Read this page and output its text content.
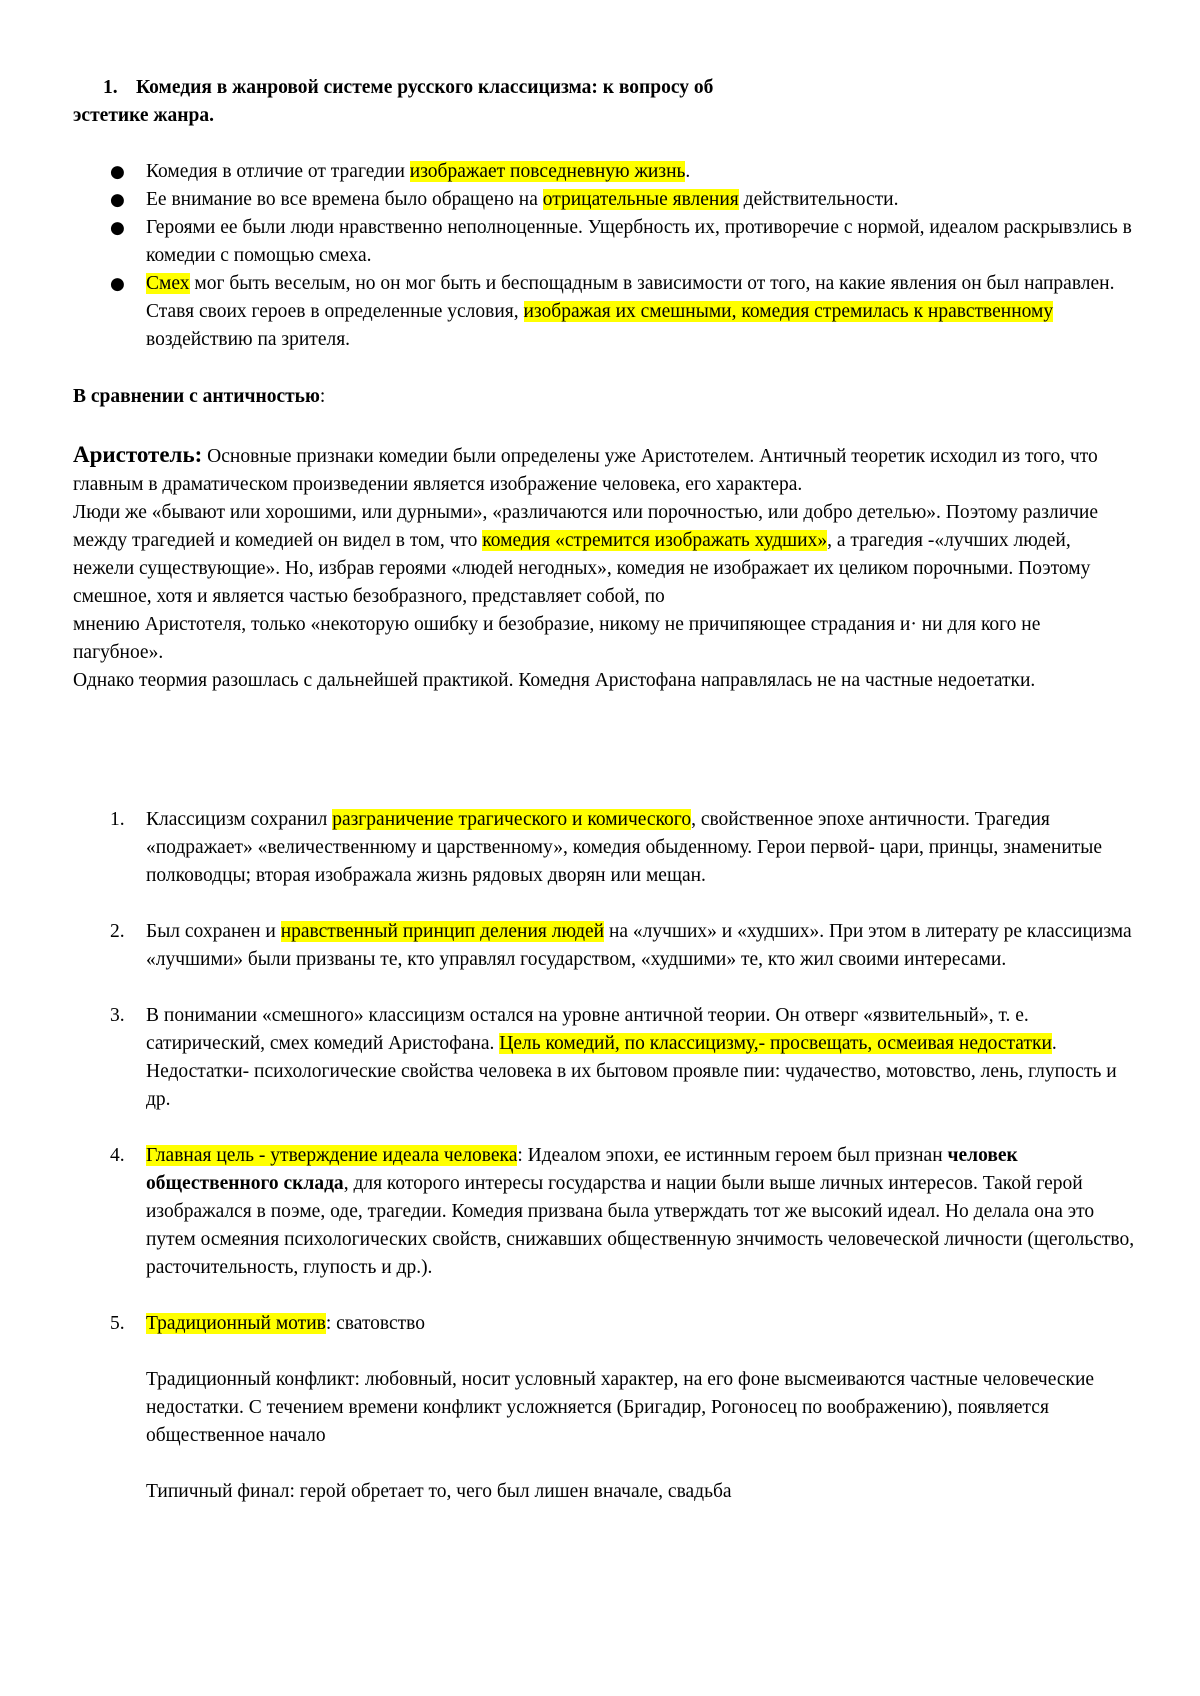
1. Комедия в жанровой системе русского классицизма: к вопросу об
эстетике жанра.
● Комедия в отличие от трагедии изображает повседневную жизнь.
● Ее внимание во все времена было обращено на отрицательные явления действительности.
● Героями ее были люди нравственно неполноценные. Ущербность их, противоречие с нормой, идеалом раскрывзлись в комедии с помощью смеха.
● Смех мог быть веселым, но он мог быть и беспощадным в зависимости от того, на какие явления он был направлен. Ставя своих героев в определенные условия, изображая их смешными, комедия стремилась к нравственному воздействию па зрителя.
В сравнении с античностью:
Аристотель: Основные признаки комедии были определены уже Аристотелем. Античный теоретик исходил из того, что главным в драматическом произведении является изображение человека, его характера.
Люди же «бывают или хорошими, или дурными», «различаются или порочностью, или добро детелью». Поэтому различие между трагедией и комедией он видел в том, что комедия «стремится изображать худших», а трагедия -«лучших людей, нежели существующие». Но, избрав героями «людей негодных», комедия не изображает их целиком порочными. Поэтому смешное, хотя и является частью безобразного, представляет собой, по
мнению Аристотеля, только «некоторую ошибку и безобразие, никому не причипяющее страдания и· ни для кого не пагубное».
Однако теормия разошлась с дальнейшей практикой. Комедня Аристофана направлялась не на частные недоетатки.
1. Классицизм сохранил разграничение трагического и комического, свойственное эпохе античности. Трагедия «подражает» «величественнюму и царственному», комедия обыденному. Герои первой- цари, принцы, знаменитые полководцы; вторая изображала жизнь рядовых дворян или мещан.
2. Был сохранен и нравственный принцип деления людей на «лучших» и «худших». При этом в литерату ре классицизма «лучшими» были призваны те, кто управлял государством, «худшими» те, кто жил своими интересами.
3. В понимании «смешного» классицизм остался на уровне античной теории. Он отверг «язвительный», т. е. сатирический, смех комедий Аристофана. Цель комедий, по классицизму,- просвещать, осмеивая недостатки. Недостатки- психологические свойства человека в их бытовом проявле пии: чудачество, мотовство, лень, глупость и др.
4. Главная цель - утверждение идеала человека: Идеалом эпохи, ее истинным героем был признан человек общественного склада, для которого интересы государства и нации были выше личных интересов. Такой герой изображался в поэме, оде, трагедии. Комедия призвана была утверждать тот же высокий идеал. Но делала она это путем осмеяния психологических свойств, снижавших общественную знчимость человеческой личности (щегольство, расточительность, глупость и др.).
5. Традиционный мотив: сватовство
Традиционный конфликт: любовный, носит условный характер, на его фоне высмеиваются частные человеческие недостатки. С течением времени конфликт усложняется (Бригадир, Рогоносец по воображению), появляется общественное начало
Типичный финал: герой обретает то, чего был лишен вначале, свадьба
